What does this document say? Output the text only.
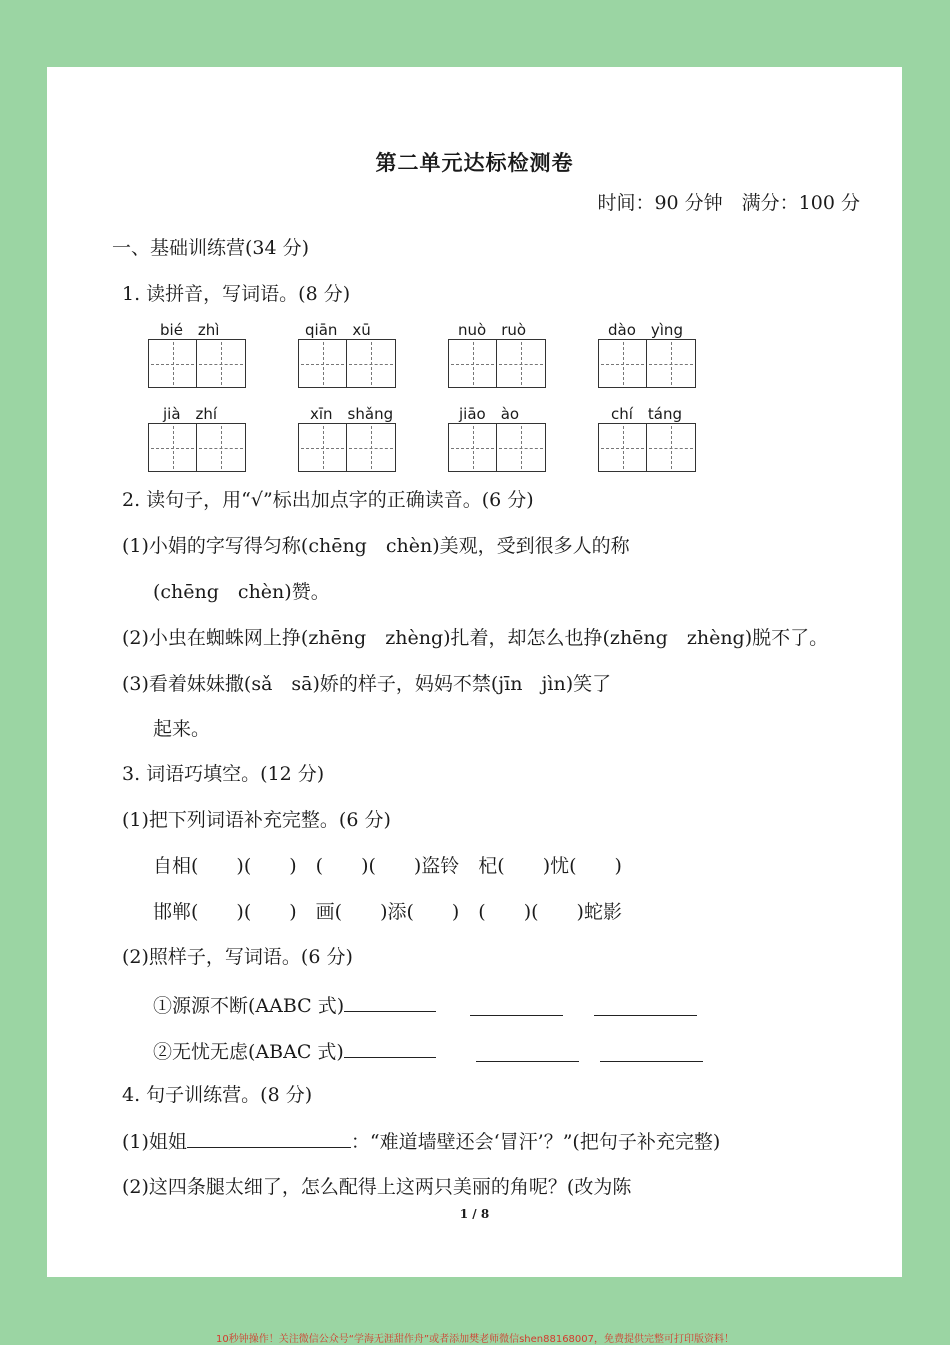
第二单元达标检测卷
时间：90 分钟　满分：100 分
一、基础训练营(34 分)
1. 读拼音，写词语。(8 分)
bié　zhì	qiān　xū	nuò　ruò	dào　yìng
jià　zhí	xīn　shǎng	jiāo　ào	chí　táng
2. 读句子，用“√”标出加点字的正确读音。(6 分)
(1)小娟的字写得匀称(chēng　chèn)美观，受到很多人的称
(chēng　chèn)赞。
(2)小虫在蜘蛛网上挣(zhēng　zhèng)扎着，却怎么也挣(zhēng　zhèng)脱不了。
(3)看着妹妹撒(sǎ　sā)娇的样子，妈妈不禁(jīn　jìn)笑了
起来。
3. 词语巧填空。(12 分)
(1)把下列词语补充完整。(6 分)
自相(　　)(　　)　(　　)(　　)盗铃　杞(　　)忧(　　)
邯郸(　　)(　　)　画(　　)添(　　)　(　　)(　　)蛇影
(2)照样子，写词语。(6 分)
①源源不断(AABC 式)
②无忧无虑(ABAC 式)
4. 句子训练营。(8 分)
(1)姐姐	：“难道墙壁还会‘冒汗’？”(把句子补充完整)
(2)这四条腿太细了，怎么配得上这两只美丽的角呢？(改为陈
1 / 8
10秒钟操作！关注微信公众号“学海无涯甜作舟”或者添加樊老师微信shen88168007，免费提供完整可打印版资料！
